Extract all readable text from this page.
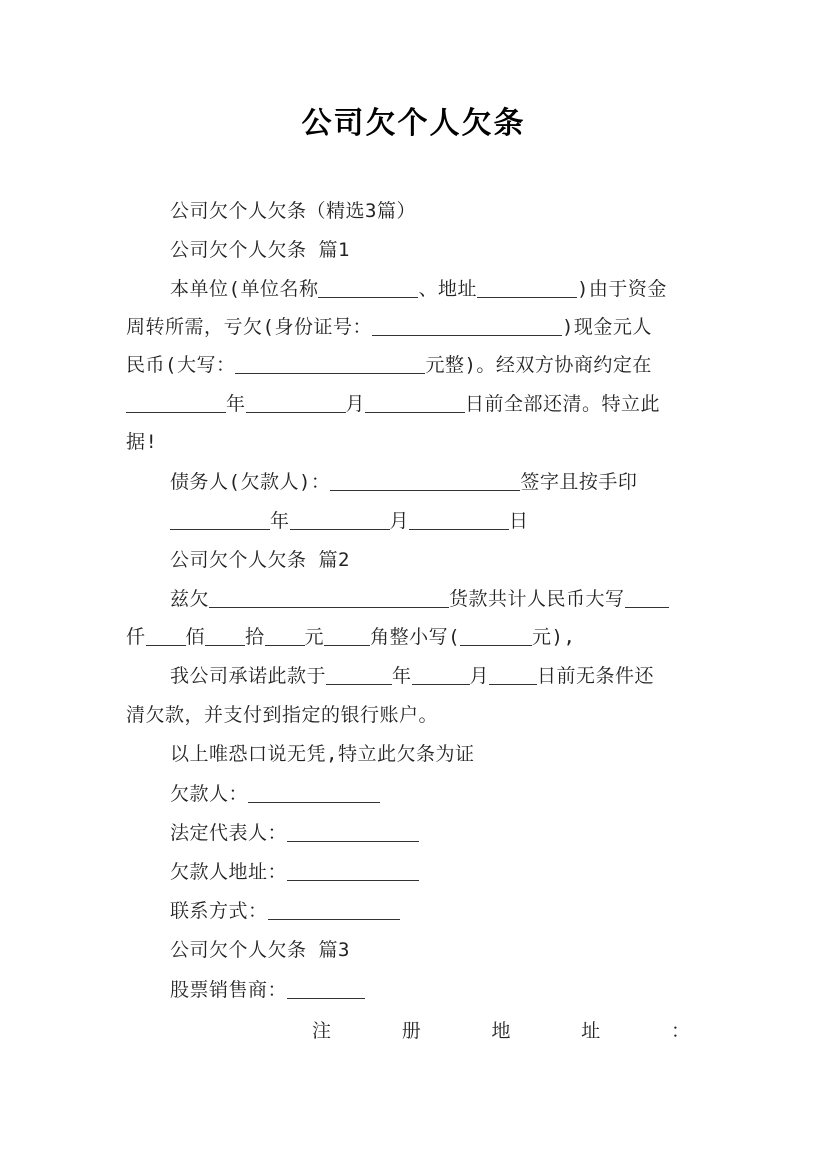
公司欠个人欠条
公司欠个人欠条（精选3篇）
公司欠个人欠条 篇1
本单位(单位名称	、地址	)由于资金
周转所需，亏欠(身份证号：	)现金元人
民币(大写：	元整)。经双方协商约定在
年	月	日前全部还清。特立此
据!
债务人(欠款人)：	签字且按手印
年	月	日
公司欠个人欠条 篇2
兹欠	货款共计人民币大写
仟 佰 拾 元 角整小写(	元),
我公司承诺此款于	年	月	日前无条件还
清欠款，并支付到指定的银行账户。
以上唯恐口说无凭,特立此欠条为证
欠款人：
法定代表人：
欠款人地址：
联系方式：
公司欠个人欠条 篇3
股票销售商：
注	册	地	址	：
